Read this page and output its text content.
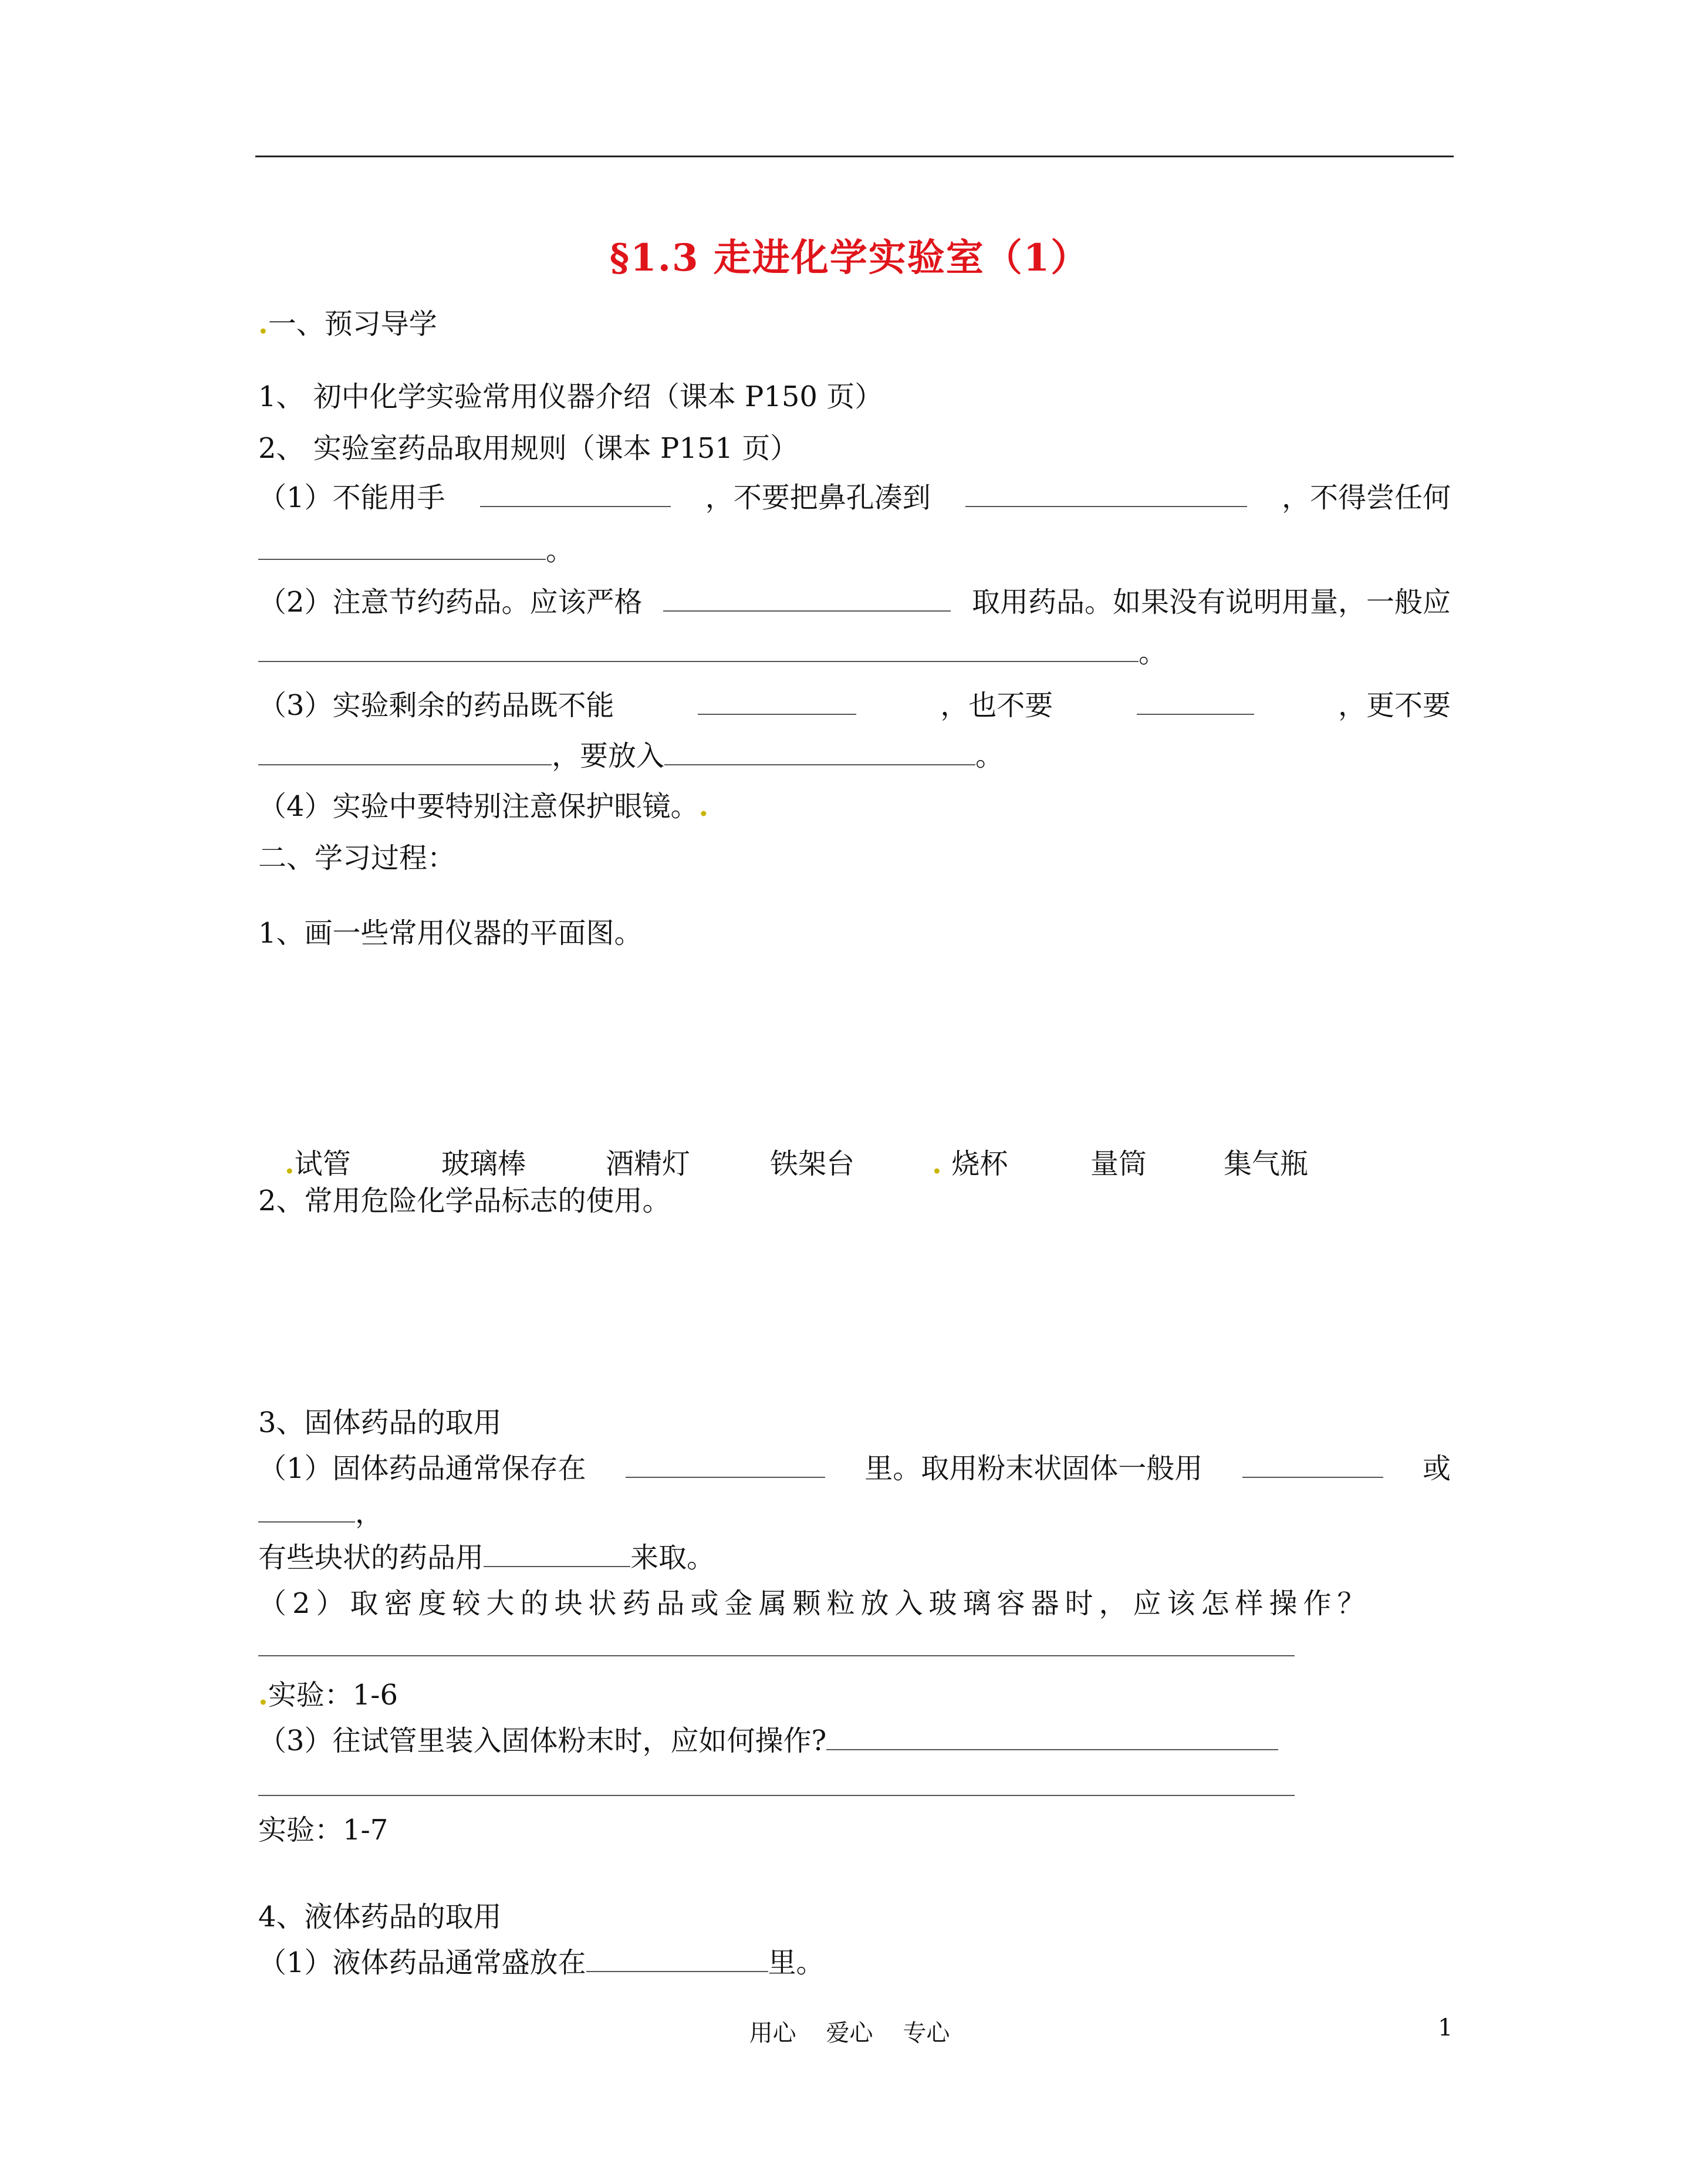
§1.3 走进化学实验室（1）
.一、预习导学
1、 初中化学实验常用仪器介绍（课本 P150 页）
2、 实验室药品取用规则（课本 P151 页）
（1）不能用手	，不要把鼻孔凑到	，不得尝任何
。
（2）注意节约药品。应该严格	取用药品。如果没有说明用量，一般应
。
（3）实验剩余的药品既不能	，也不要	，更不要
，要放入	。
（4）实验中要特别注意保护眼镜。.
二、学习过程：
1、画一些常用仪器的平面图。
.试管	玻璃棒	酒精灯	铁架台	. 烧杯	量筒	集气瓶
2、常用危险化学品标志的使用。
3、固体药品的取用
（1）固体药品通常保存在	里。取用粉末状固体一般用	或
，
有些块状的药品用	来取。
（2）取密度较大的块状药品或金属颗粒放入玻璃容器时，应该怎样操作？
.实验：1-6
（3）往试管里装入固体粉末时，应如何操作?
实验：1-7
4、液体药品的取用
（1）液体药品通常盛放在	里。
用心    爱心    专心	1
